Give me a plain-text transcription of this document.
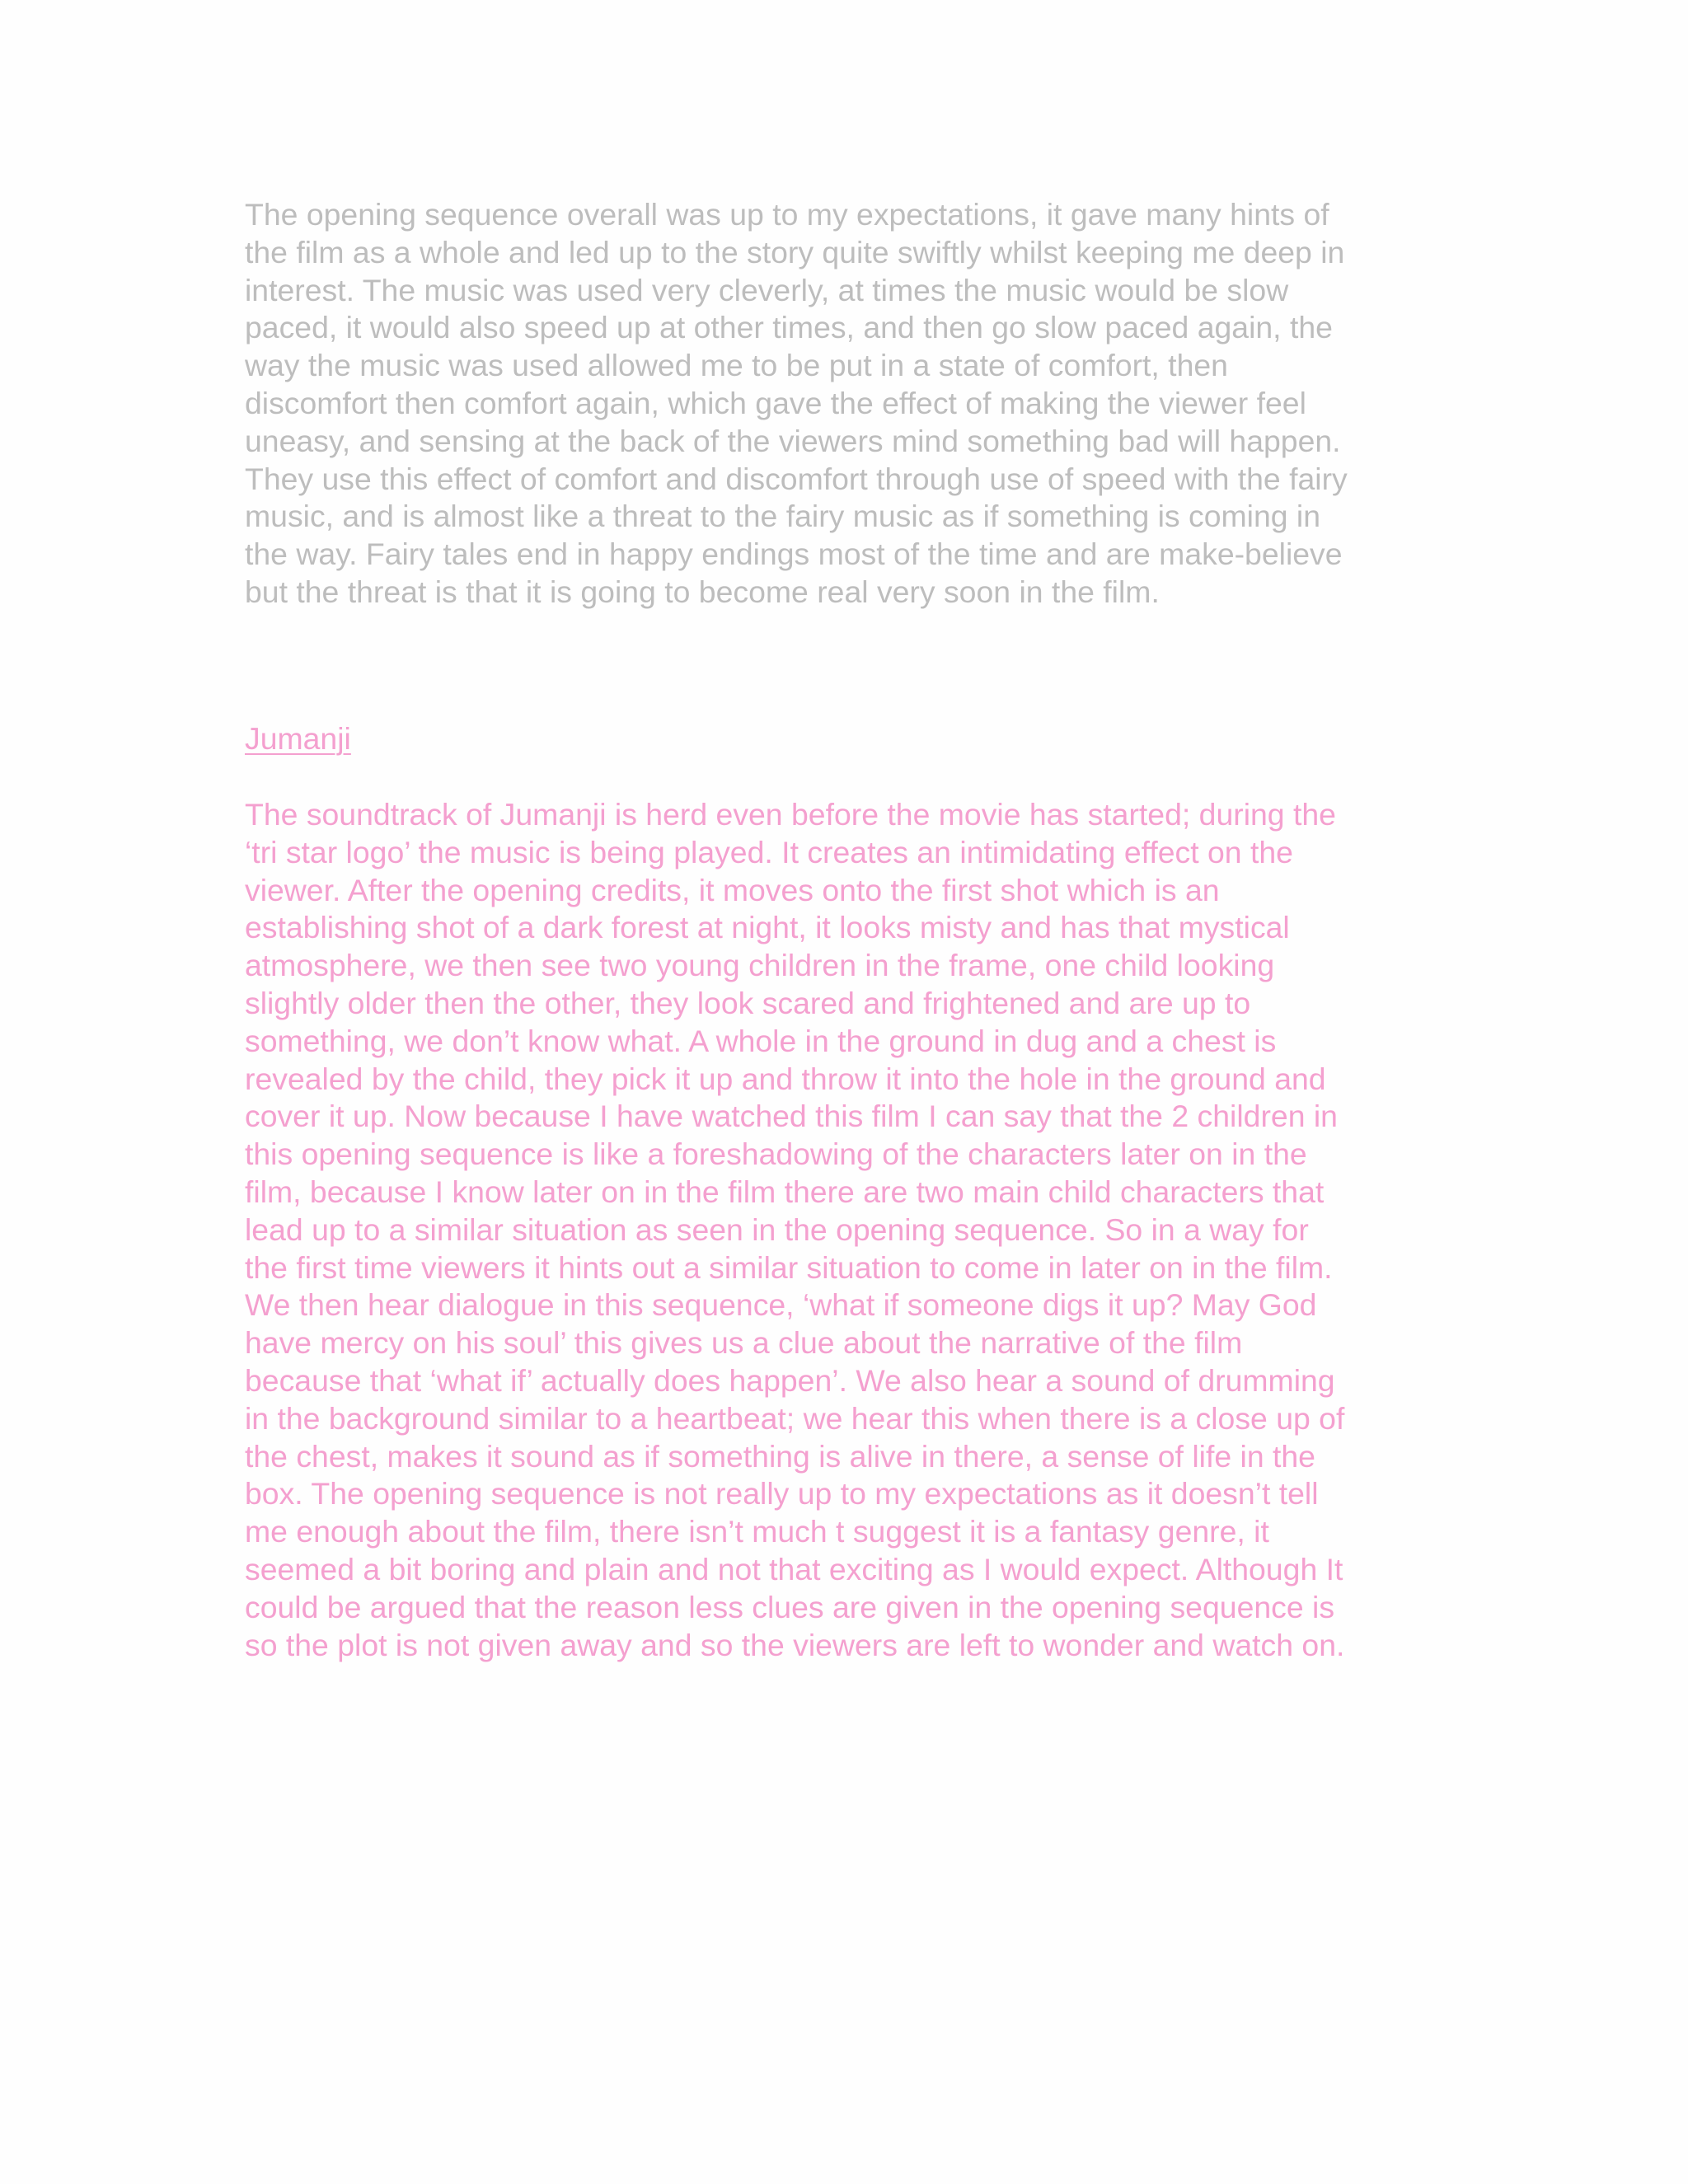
The opening sequence overall was up to my expectations, it gave many hints of
the film as a whole and led up to the story quite swiftly whilst keeping me deep in
interest. The music was used very cleverly, at times the music would be slow
paced, it would also speed up at other times, and then go slow paced again, the
way the music was used allowed me to be put in a state of comfort, then
discomfort then comfort again, which gave the effect of making the viewer feel
uneasy, and sensing at the back of the viewers mind something bad will happen.
They use this effect of comfort and discomfort through use of speed with the fairy
music, and is almost like a threat to the fairy music as if something is coming in
the way. Fairy tales end in happy endings most of the time and are make-believe
but the threat is that it is going to become real very soon in the film.

Jumanji

The soundtrack of Jumanji is herd even before the movie has started; during the
‘tri star logo’ the music is being played. It creates an intimidating effect on the
viewer. After the opening credits, it moves onto the first shot which is an
establishing shot of a dark forest at night, it looks misty and has that mystical
atmosphere, we then see two young children in the frame, one child looking
slightly older then the other, they look scared and frightened and are up to
something, we don’t know what. A whole in the ground in dug and a chest is
revealed by the child, they pick it up and throw it into the hole in the ground and
cover it up. Now because I have watched this film I can say that the 2 children in
this opening sequence is like a foreshadowing of the characters later on in the
film, because I know later on in the film there are two main child characters that
lead up to a similar situation as seen in the opening sequence. So in a way for
the first time viewers it hints out a similar situation to come in later on in the film.
We then hear dialogue in this sequence, ‘what if someone digs it up? May God
have mercy on his soul’ this gives us a clue about the narrative of the film
because that ‘what if’ actually does happen’. We also hear a sound of drumming
in the background similar to a heartbeat; we hear this when there is a close up of
the chest, makes it sound as if something is alive in there, a sense of life in the
box. The opening sequence is not really up to my expectations as it doesn’t tell
me enough about the film, there isn’t much t suggest it is a fantasy genre, it
seemed a bit boring and plain and not that exciting as I would expect. Although It
could be argued that the reason less clues are given in the opening sequence is
so the plot is not given away and so the viewers are left to wonder and watch on.
